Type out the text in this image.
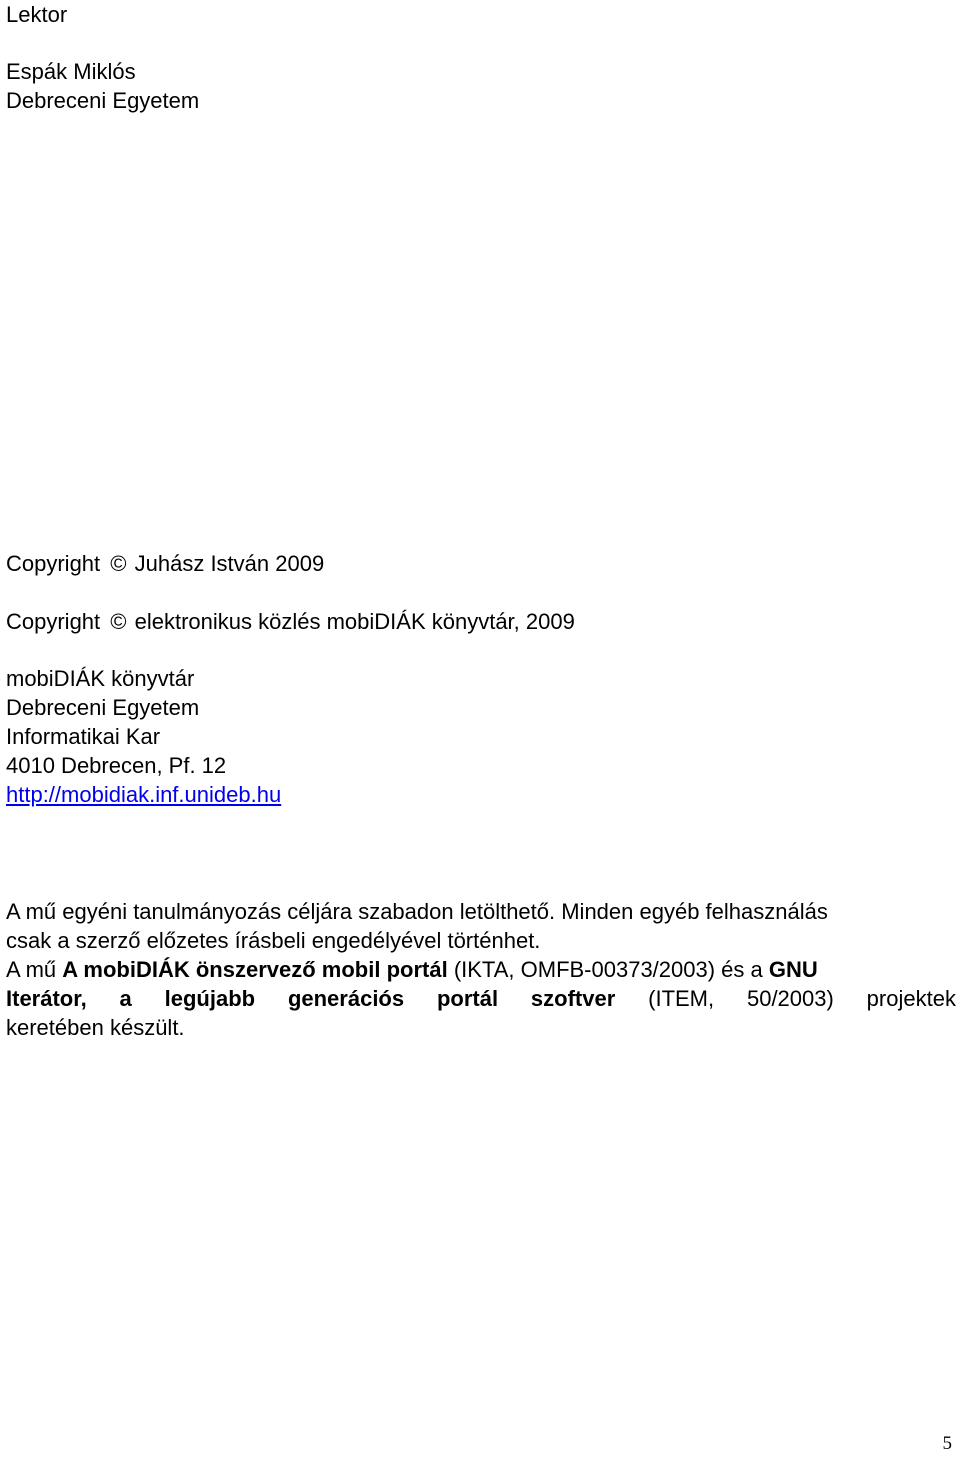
Lektor
Espák Miklós
Debreceni Egyetem
Copyright © Juhász István 2009
Copyright © elektronikus közlés mobiDIÁK könyvtár, 2009
mobiDIÁK könyvtár
Debreceni Egyetem
Informatikai Kar
4010 Debrecen, Pf. 12
http://mobidiak.inf.unideb.hu
A mű egyéni tanulmányozás céljára szabadon letölthető. Minden egyéb felhasználás
csak a szerző előzetes írásbeli engedélyével történhet.
A mű A mobiDIÁK önszervező mobil portál (IKTA, OMFB-00373/2003) és a GNU
Iterátor, a legújabb generációs portál szoftver (ITEM, 50/2003) projektek
keretében készült.
5
